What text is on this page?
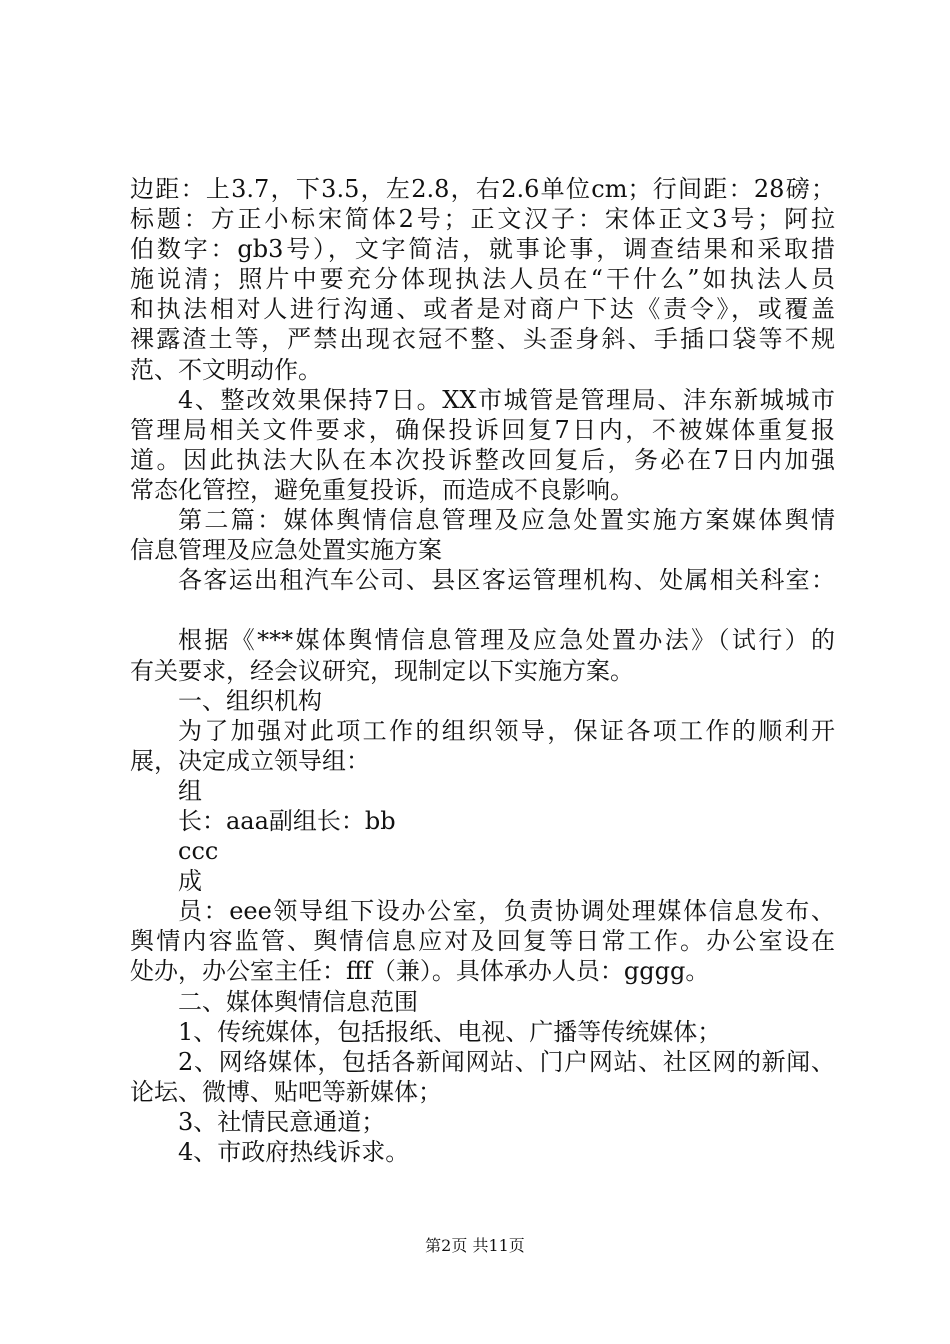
边距：上3.7，下3.5，左2.8，右2.6单位cm；行间距：28磅；
标题：方正小标宋简体2号；正文汉子：宋体正文3号；阿拉
伯数字：gb3号），文字简洁，就事论事，调查结果和采取措
施说清；照片中要充分体现执法人员在“干什么”如执法人员
和执法相对人进行沟通、或者是对商户下达《责令》，或覆盖
裸露渣土等，严禁出现衣冠不整、头歪身斜、手插口袋等不规
范、不文明动作。
4、整改效果保持7日。XX市城管是管理局、沣东新城城市
管理局相关文件要求，确保投诉回复7日内，不被媒体重复报
道。因此执法大队在本次投诉整改回复后，务必在7日内加强
常态化管控，避免重复投诉，而造成不良影响。
第二篇：媒体舆情信息管理及应急处置实施方案媒体舆情
信息管理及应急处置实施方案
各客运出租汽车公司、县区客运管理机构、处属相关科室：
根据《***媒体舆情信息管理及应急处置办法》（试行）的
有关要求，经会议研究，现制定以下实施方案。
一、组织机构
为了加强对此项工作的组织领导，保证各项工作的顺利开
展，决定成立领导组：
组
长：aaa副组长：bb
ccc
成
员：eee领导组下设办公室，负责协调处理媒体信息发布、
舆情内容监管、舆情信息应对及回复等日常工作。办公室设在
处办，办公室主任：fff（兼）。具体承办人员：gggg。
二、媒体舆情信息范围
1、传统媒体，包括报纸、电视、广播等传统媒体；
2、网络媒体，包括各新闻网站、门户网站、社区网的新闻、
论坛、微博、贴吧等新媒体；
3、社情民意通道；
4、市政府热线诉求。
第2页 共11页
